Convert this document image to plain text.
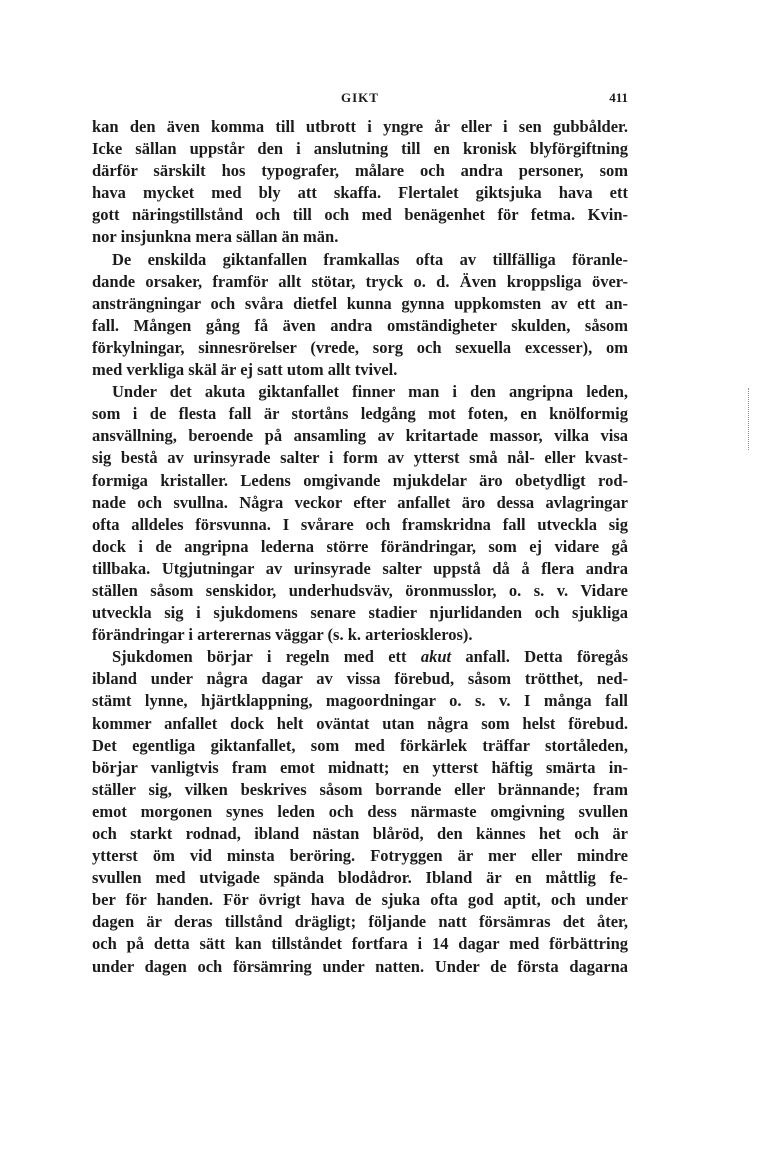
GIKT	411
kan den även komma till utbrott i yngre år eller i sen gubbålder.
Icke sällan uppstår den i anslutning till en kronisk blyförgiftning
därför särskilt hos typografer, målare och andra personer, som
hava mycket med bly att skaffa. Flertalet giktsjuka hava ett
gott näringstillstånd och till och med benägenhet för fetma. Kvin-
nor insjunkna mera sällan än män.
De enskilda giktanfallen framkallas ofta av tillfälliga föranle-
dande orsaker, framför allt stötar, tryck o. d. Även kroppsliga över-
ansträngningar och svåra dietfel kunna gynna uppkomsten av ett an-
fall. Mången gång få även andra omständigheter skulden, såsom
förkylningar, sinnesrörelser (vrede, sorg och sexuella excesser), om
med verkliga skäl är ej satt utom allt tvivel.
Under det akuta giktanfallet finner man i den angripna leden,
som i de flesta fall är stortåns ledgång mot foten, en knölformig
ansvällning, beroende på ansamling av kritartade massor, vilka visa
sig bestå av urinsyrade salter i form av ytterst små nål- eller kvast-
formiga kristaller. Ledens omgivande mjukdelar äro obetydligt rod-
nade och svullna. Några veckor efter anfallet äro dessa avlagringar
ofta alldeles försvunna. I svårare och framskridna fall utveckla sig
dock i de angripna lederna större förändringar, som ej vidare gå
tillbaka. Utgjutningar av urinsyrade salter uppstå då å flera andra
ställen såsom senskidor, underhudsväv, öronmusslor, o. s. v. Vidare
utveckla sig i sjukdomens senare stadier njurlidanden och sjukliga
förändringar i arterernas väggar (s. k. arterioskleros).
Sjukdomen börjar i regeln med ett akut anfall. Detta föregås
ibland under några dagar av vissa förebud, såsom trötthet, ned-
stämt lynne, hjärtklappning, magoordningar o. s. v. I många fall
kommer anfallet dock helt oväntat utan några som helst förebud.
Det egentliga giktanfallet, som med förkärlek träffar stortåleden,
börjar vanligtvis fram emot midnatt; en ytterst häftig smärta in-
ställer sig, vilken beskrives såsom borrande eller brännande; fram
emot morgonen synes leden och dess närmaste omgivning svullen
och starkt rodnad, ibland nästan blåröd, den kännes het och är
ytterst öm vid minsta beröring. Fotryggen är mer eller mindre
svullen med utvigade spända blodådror. Ibland är en måttlig fe-
ber för handen. För övrigt hava de sjuka ofta god aptit, och under
dagen är deras tillstånd drägligt; följande natt försämras det åter,
och på detta sätt kan tillståndet fortfara i 14 dagar med förbättring
under dagen och försämring under natten. Under de första dagarna
